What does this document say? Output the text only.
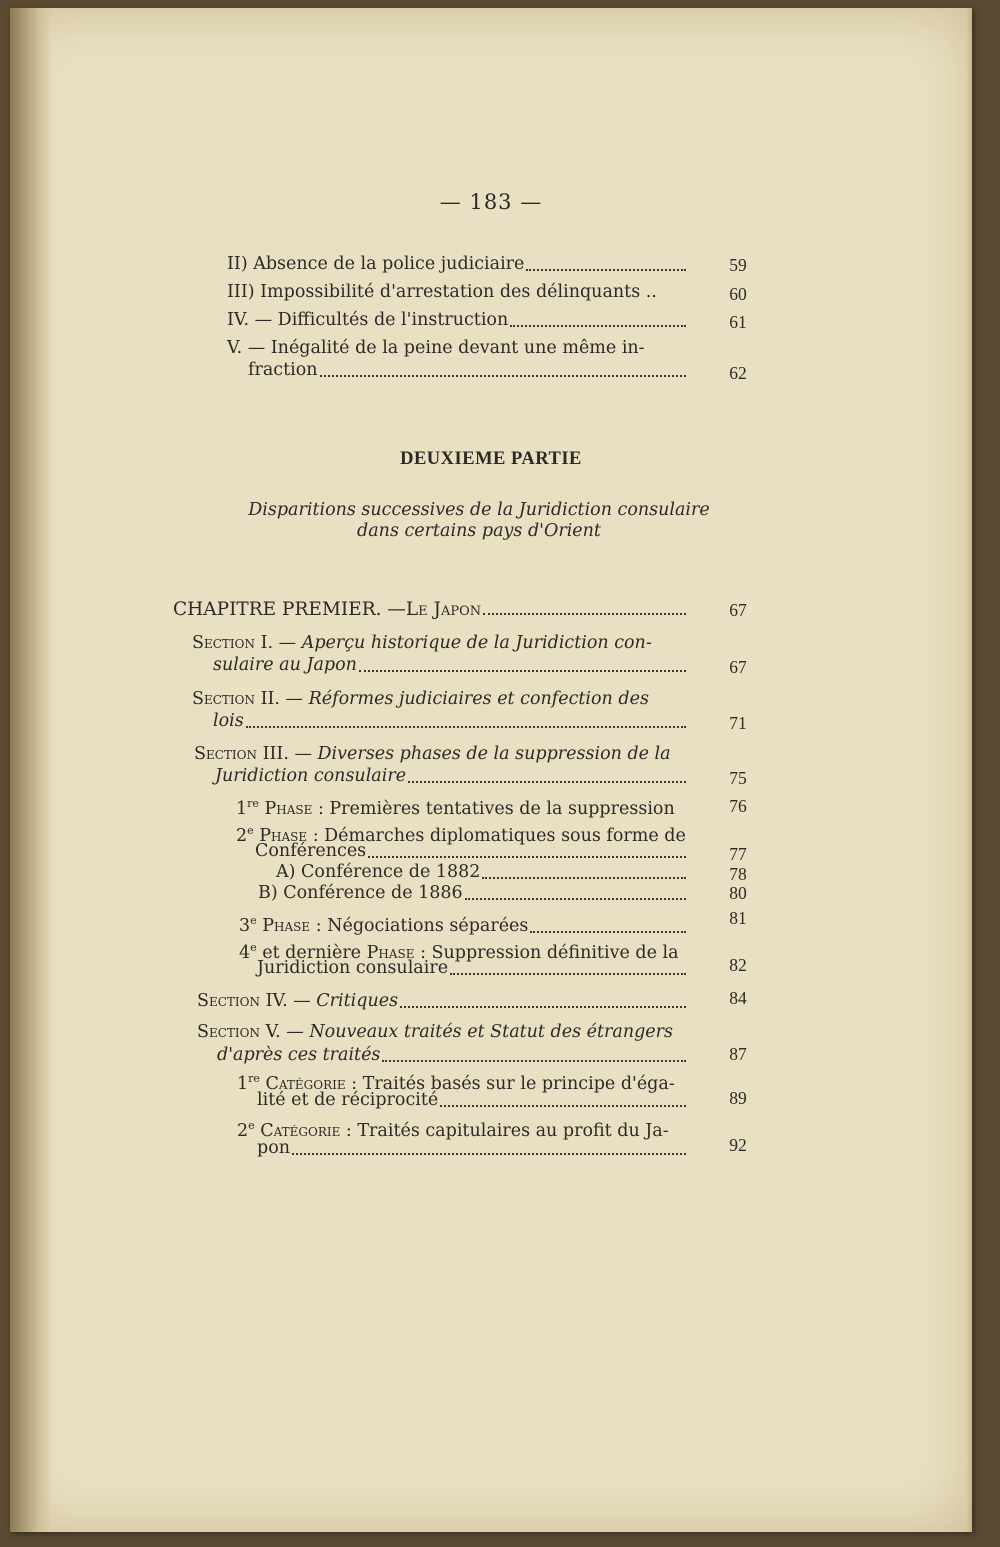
— 183 —
II) Absence de la police judiciaire	59
III) Impossibilité d'arrestation des délinquants ..	60
IV. — Difficultés de l'instruction	61
V. — Inégalité de la peine devant une même in-
fraction	62
DEUXIEME PARTIE
Disparitions successives de la Juridiction consulaire
dans certains pays d'Orient
CHAPITRE PREMIER. — Le Japon	67
Section I. — Aperçu historique de la Juridiction con-
sulaire au Japon	67
Section II. — Réformes judiciaires et confection des
lois	71
Section III. — Diverses phases de la suppression de la
Juridiction consulaire	75
1re Phase : Premières tentatives de la suppression	76
2e Phase : Démarches diplomatiques sous forme de
Conférences	77
A) Conférence de 1882	78
B) Conférence de 1886	80
3e Phase : Négociations séparées	81
4e et dernière Phase : Suppression définitive de la
Juridiction consulaire	82
Section IV. — Critiques	84
Section V. — Nouveaux traités et Statut des étrangers
d'après ces traités	87
1re Catégorie : Traités basés sur le principe d'éga-
lité et de réciprocité	89
2e Catégorie : Traités capitulaires au profit du Ja-
pon	92
